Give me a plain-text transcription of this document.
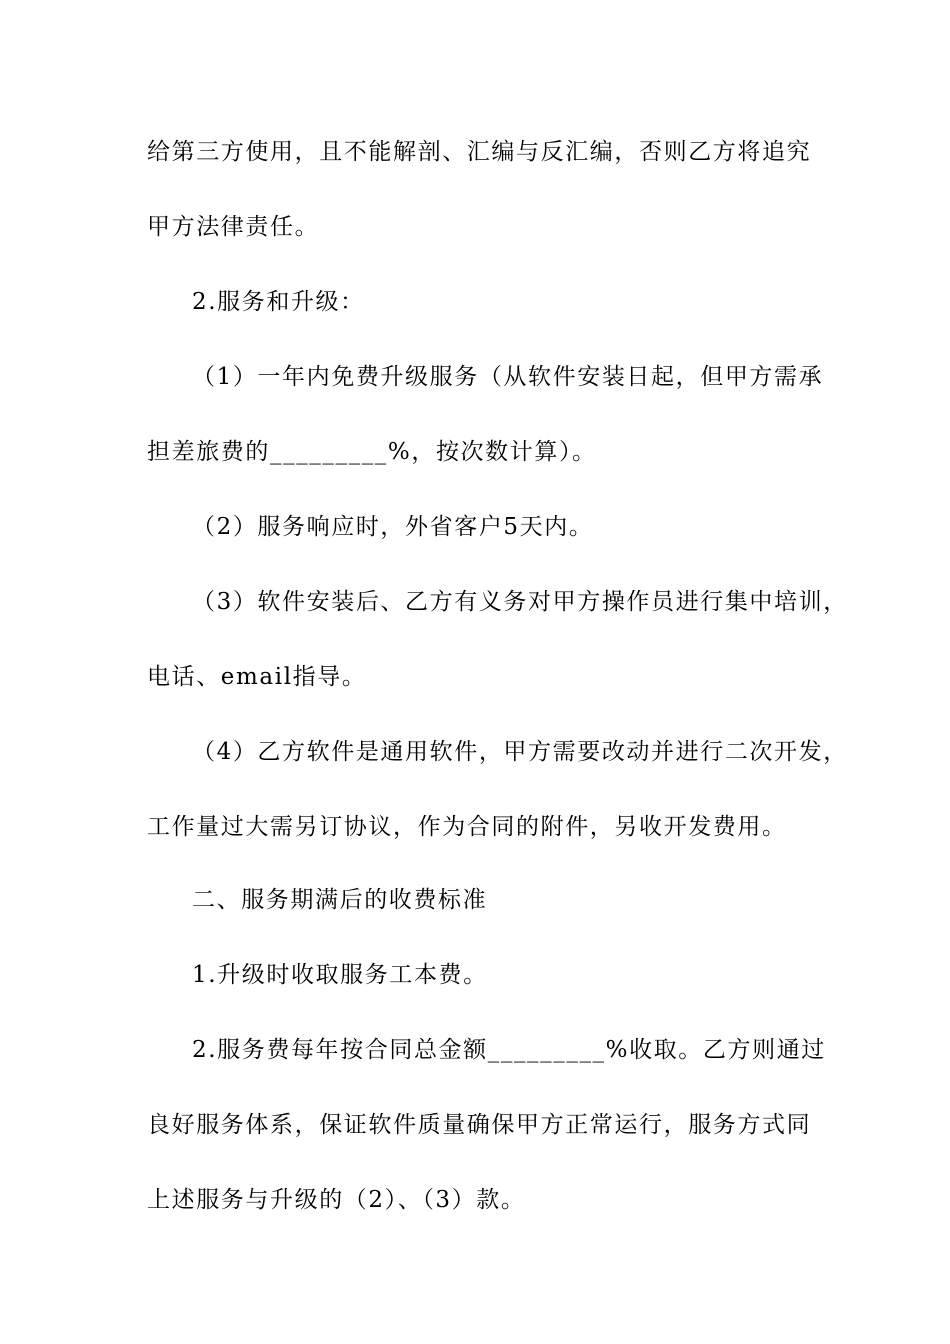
给第三方使用，且不能解剖、汇编与反汇编，否则乙方将追究
甲方法律责任。
2.服务和升级：
（1）一年内免费升级服务（从软件安装日起，但甲方需承
担差旅费的_________%，按次数计算）。
（2）服务响应时，外省客户5天内。
（3）软件安装后、乙方有义务对甲方操作员进行集中培训，
电话、email指导。
（4）乙方软件是通用软件，甲方需要改动并进行二次开发，
工作量过大需另订协议，作为合同的附件，另收开发费用。
二、服务期满后的收费标准
1.升级时收取服务工本费。
2.服务费每年按合同总金额_________%收取。乙方则通过
良好服务体系，保证软件质量确保甲方正常运行，服务方式同
上述服务与升级的（2）、（3）款。
